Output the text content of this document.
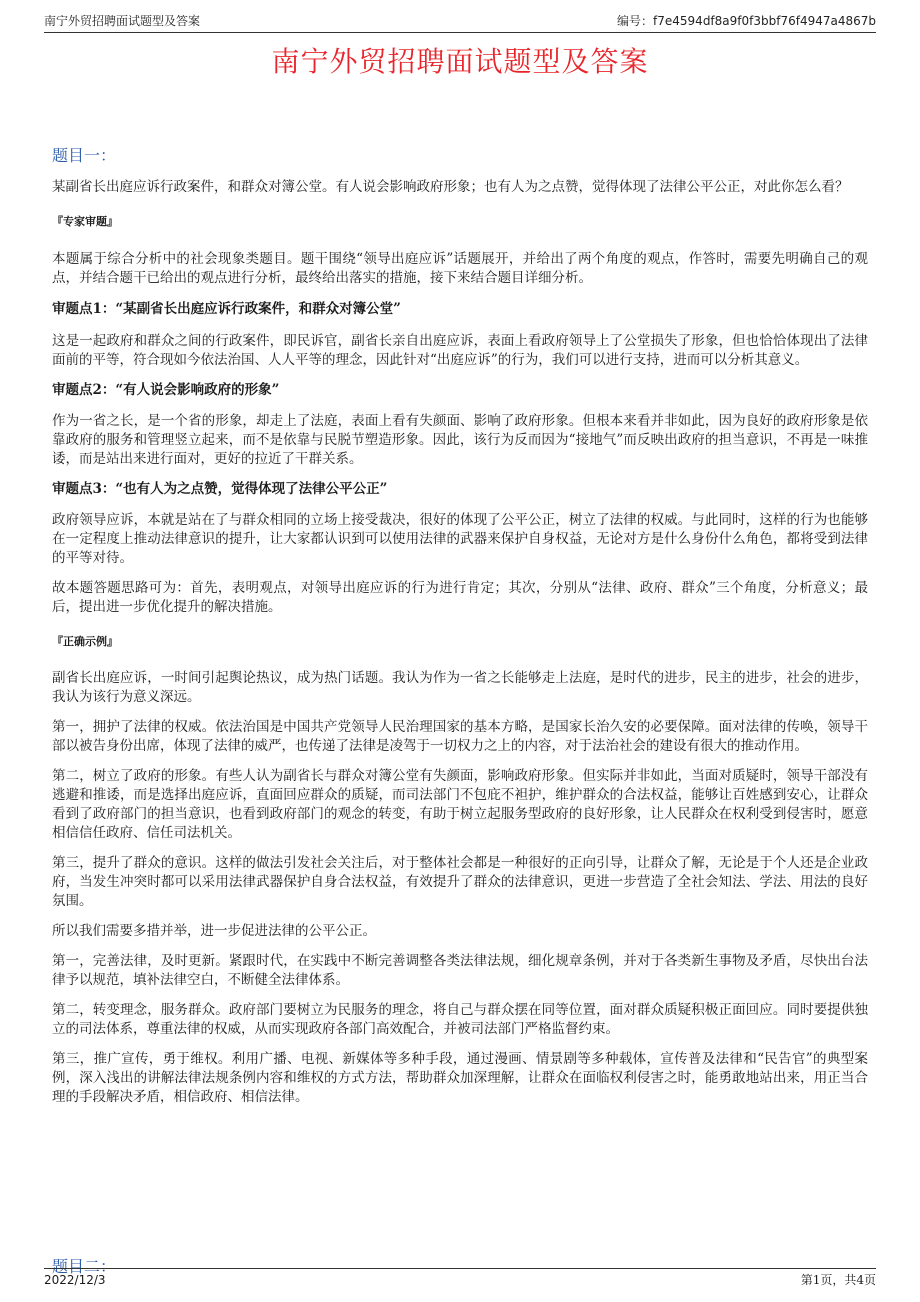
南宁外贸招聘面试题型及答案	编号：f7e4594df8a9f0f3bbf76f4947a4867b
南宁外贸招聘面试题型及答案
题目一：

某副省长出庭应诉行政案件，和群众对簿公堂。有人说会影响政府形象；也有人为之点赞，觉得体现了法律公平公正，对此你怎么看？

『专家审题』

本题属于综合分析中的社会现象类题目。题干围绕“领导出庭应诉”话题展开，并给出了两个角度的观点，作答时，需要先明确自己的观点，并结合题干已给出的观点进行分析，最终给出落实的措施，接下来结合题目详细分析。

审题点1：“某副省长出庭应诉行政案件，和群众对簿公堂”

这是一起政府和群众之间的行政案件，即民诉官，副省长亲自出庭应诉，表面上看政府领导上了公堂损失了形象，但也恰恰体现出了法律面前的平等，符合现如今依法治国、人人平等的理念，因此针对“出庭应诉”的行为，我们可以进行支持，进而可以分析其意义。

审题点2：“有人说会影响政府的形象”

作为一省之长，是一个省的形象，却走上了法庭，表面上看有失颜面、影响了政府形象。但根本来看并非如此，因为良好的政府形象是依靠政府的服务和管理竖立起来，而不是依靠与民脱节塑造形象。因此，该行为反而因为“接地气”而反映出政府的担当意识，不再是一味推诿，而是站出来进行面对，更好的拉近了干群关系。

审题点3：“也有人为之点赞，觉得体现了法律公平公正”

政府领导应诉，本就是站在了与群众相同的立场上接受裁决，很好的体现了公平公正，树立了法律的权威。与此同时，这样的行为也能够在一定程度上推动法律意识的提升，让大家都认识到可以使用法律的武器来保护自身权益，无论对方是什么身份什么角色，都将受到法律的平等对待。

故本题答题思路可为：首先，表明观点，对领导出庭应诉的行为进行肯定；其次，分别从“法律、政府、群众”三个角度，分析意义；最后，提出进一步优化提升的解决措施。

『正确示例』

副省长出庭应诉，一时间引起舆论热议，成为热门话题。我认为作为一省之长能够走上法庭，是时代的进步，民主的进步，社会的进步，我认为该行为意义深远。

第一，拥护了法律的权威。依法治国是中国共产党领导人民治理国家的基本方略，是国家长治久安的必要保障。面对法律的传唤，领导干部以被告身份出席，体现了法律的威严，也传递了法律是凌驾于一切权力之上的内容，对于法治社会的建设有很大的推动作用。

第二，树立了政府的形象。有些人认为副省长与群众对簿公堂有失颜面，影响政府形象。但实际并非如此，当面对质疑时，领导干部没有逃避和推诿，而是选择出庭应诉，直面回应群众的质疑，而司法部门不包庇不袒护，维护群众的合法权益，能够让百姓感到安心，让群众看到了政府部门的担当意识，也看到政府部门的观念的转变，有助于树立起服务型政府的良好形象，让人民群众在权利受到侵害时，愿意相信信任政府、信任司法机关。

第三，提升了群众的意识。这样的做法引发社会关注后，对于整体社会都是一种很好的正向引导，让群众了解，无论是于个人还是企业政府，当发生冲突时都可以采用法律武器保护自身合法权益，有效提升了群众的法律意识，更进一步营造了全社会知法、学法、用法的良好氛围。

所以我们需要多措并举，进一步促进法律的公平公正。

第一，完善法律，及时更新。紧跟时代，在实践中不断完善调整各类法律法规，细化规章条例，并对于各类新生事物及矛盾，尽快出台法律予以规范，填补法律空白，不断健全法律体系。

第二，转变理念，服务群众。政府部门要树立为民服务的理念，将自己与群众摆在同等位置，面对群众质疑积极正面回应。同时要提供独立的司法体系，尊重法律的权威，从而实现政府各部门高效配合，并被司法部门严格监督约束。

第三，推广宣传，勇于维权。利用广播、电视、新媒体等多种手段，通过漫画、情景剧等多种载体，宣传普及法律和“民告官”的典型案例，深入浅出的讲解法律法规条例内容和维权的方式方法，帮助群众加深理解，让群众在面临权利侵害之时，能勇敢地站出来，用正当合理的手段解决矛盾，相信政府、相信法律。

题目二：
2022/12/3	第1页，共4页
